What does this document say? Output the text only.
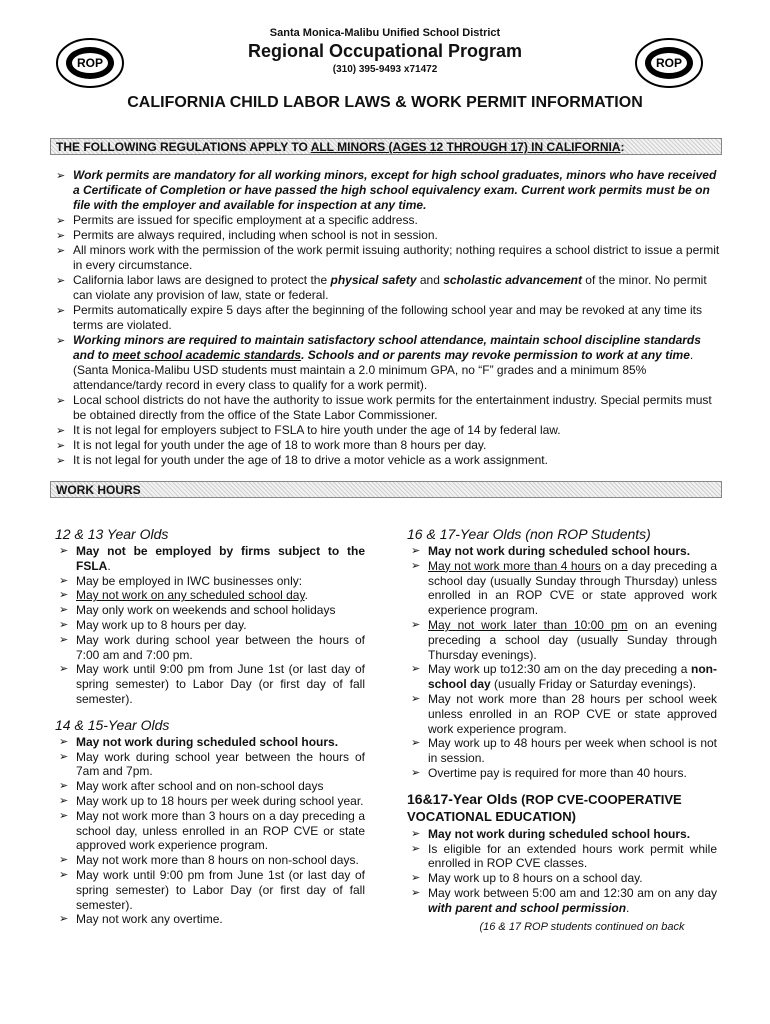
Santa Monica-Malibu Unified School District
Regional Occupational Program
(310) 395-9493 x71472
ROP	ROP
CALIFORNIA CHILD LABOR LAWS & WORK PERMIT INFORMATION
THE FOLLOWING REGULATIONS APPLY TO ALL MINORS (AGES 12 THROUGH 17) IN CALIFORNIA:
➢ Work permits are mandatory for all working minors, except for high school graduates, minors who have received a Certificate of Completion or have passed the high school equivalency exam. Current work permits must be on file with the employer and available for inspection at any time.
➢ Permits are issued for specific employment at a specific address.
➢ Permits are always required, including when school is not in session.
➢ All minors work with the permission of the work permit issuing authority; nothing requires a school district to issue a permit in every circumstance.
➢ California labor laws are designed to protect the physical safety and scholastic advancement of the minor. No permit can violate any provision of law, state or federal.
➢ Permits automatically expire 5 days after the beginning of the following school year and may be revoked at any time its terms are violated.
➢ Working minors are required to maintain satisfactory school attendance, maintain school discipline standards and to meet school academic standards. Schools and or parents may revoke permission to work at any time. (Santa Monica-Malibu USD students must maintain a 2.0 minimum GPA, no “F” grades and a minimum 85% attendance/tardy record in every class to qualify for a work permit).
➢ Local school districts do not have the authority to issue work permits for the entertainment industry. Special permits must be obtained directly from the office of the State Labor Commissioner.
➢ It is not legal for employers subject to FSLA to hire youth under the age of 14 by federal law.
➢ It is not legal for youth under the age of 18 to work more than 8 hours per day.
➢ It is not legal for youth under the age of 18 to drive a motor vehicle as a work assignment.
WORK HOURS
12 & 13 Year Olds
➢ May not be employed by firms subject to the FSLA.
➢ May be employed in IWC businesses only:
➢ May not work on any scheduled school day.
➢ May only work on weekends and school holidays
➢ May work up to 8 hours per day.
➢ May work during school year between the hours of 7:00 am and 7:00 pm.
➢ May work until 9:00 pm from June 1st (or last day of spring semester) to Labor Day (or first day of fall semester).
14 & 15-Year Olds
➢ May not work during scheduled school hours.
➢ May work during school year between the hours of 7am and 7pm.
➢ May work after school and on non-school days
➢ May work up to 18 hours per week during school year.
➢ May not work more than 3 hours on a day preceding a school day, unless enrolled in an ROP CVE or state approved work experience program.
➢ May not work more than 8 hours on non-school days.
➢ May work until 9:00 pm from June 1st (or last day of spring semester) to Labor Day (or first day of fall semester).
➢ May not work any overtime.
16 & 17-Year Olds (non ROP Students)
➢ May not work during scheduled school hours.
➢ May not work more than 4 hours on a day preceding a school day (usually Sunday through Thursday) unless enrolled in an ROP CVE or state approved work experience program.
➢ May not work later than 10:00 pm on an evening preceding a school day (usually Sunday through Thursday evenings).
➢ May work up to12:30 am on the day preceding a non-school day (usually Friday or Saturday evenings).
➢ May not work more than 28 hours per school week unless enrolled in an ROP CVE or state approved work experience program.
➢ May work up to 48 hours per week when school is not in session.
➢ Overtime pay is required for more than 40 hours.
16&17-Year Olds (ROP CVE-COOPERATIVE VOCATIONAL EDUCATION)
➢ May not work during scheduled school hours.
➢ Is eligible for an extended hours work permit while enrolled in ROP CVE classes.
➢ May work up to 8 hours on a school day.
➢ May work between 5:00 am and 12:30 am on any day with parent and school permission.
(16 & 17 ROP students continued on back
